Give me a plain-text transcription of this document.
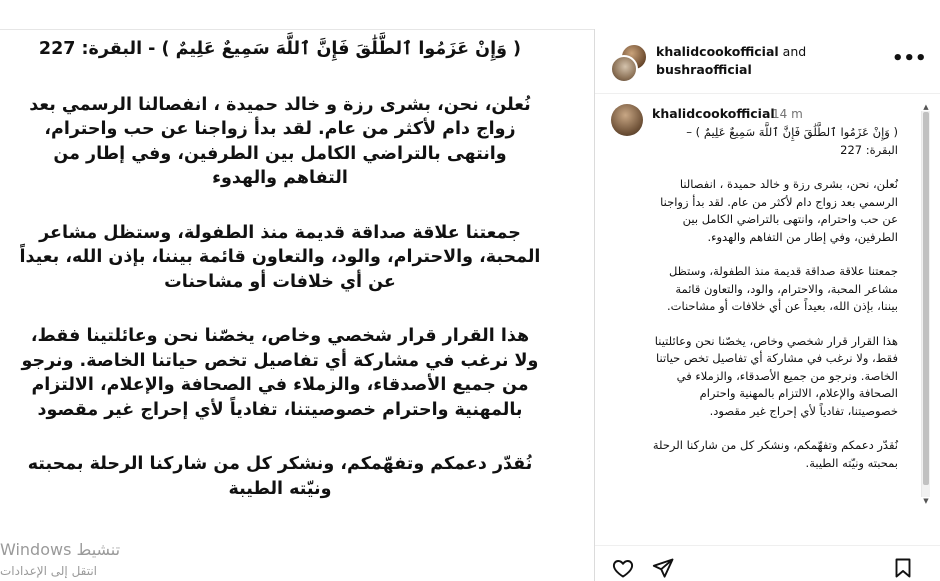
( وَإِنْ عَزَمُوا ٱلطَّلَٰقَ فَإِنَّ ٱللَّهَ سَمِيعٌ عَلِيمٌ ) - البقرة: 227

نُعلن، نحن، بشرى رزة و خالد حميدة ، انفصالنا الرسمي بعد زواج دام لأكثر من عام. لقد بدأ زواجنا عن حب واحترام، وانتهى بالتراضي الكامل بين الطرفين، وفي إطار من التفاهم والهدوء

جمعتنا علاقة صداقة قديمة منذ الطفولة، وستظل مشاعر المحبة، والاحترام، والود، والتعاون قائمة بيننا، بإذن الله، بعيداً عن أي خلافات أو مشاحنات

هذا القرار قرار شخصي وخاص، يخصّنا نحن وعائلتينا فقط، ولا نرغب في مشاركة أي تفاصيل تخص حياتنا الخاصة. ونرجو من جميع الأصدقاء، والزملاء في الصحافة والإعلام، الالتزام بالمهنية واحترام خصوصيتنا، تفادياً لأي إحراج غير مقصود

نُقدّر دعمكم وتفهّمكم، ونشكر كل من شاركنا الرحلة بمحبته ونيّته الطيبة

تنشيط Windows
انتقل إلى الإعدادات
khalidcookofficial and
bushraofficial
•••
khalidcookofficial
14 m

( وَإِنْ عَزَمُوا ٱلطَّلَٰقَ فَإِنَّ ٱللَّهَ سَمِيعٌ عَلِيمٌ ) – البقرة: 227

نُعلن، نحن، بشرى رزة و خالد حميدة ، انفصالنا الرسمي بعد زواج دام لأكثر من عام. لقد بدأ زواجنا عن حب واحترام، وانتهى بالتراضي الكامل بين الطرفين، وفي إطار من التفاهم والهدوء.

جمعتنا علاقة صداقة قديمة منذ الطفولة، وستظل مشاعر المحبة، والاحترام، والود، والتعاون قائمة بيننا، بإذن الله، بعيداً عن أي خلافات أو مشاحنات.

هذا القرار قرار شخصي وخاص، يخصّنا نحن وعائلتينا فقط، ولا نرغب في مشاركة أي تفاصيل تخص حياتنا الخاصة. ونرجو من جميع الأصدقاء، والزملاء في الصحافة والإعلام، الالتزام بالمهنية واحترام خصوصيتنا، تفادياً لأي إحراج غير مقصود.

نُقدّر دعمكم وتفهّمكم، ونشكر كل من شاركنا الرحلة بمحبته ونيّته الطيبة.

▲
▼
